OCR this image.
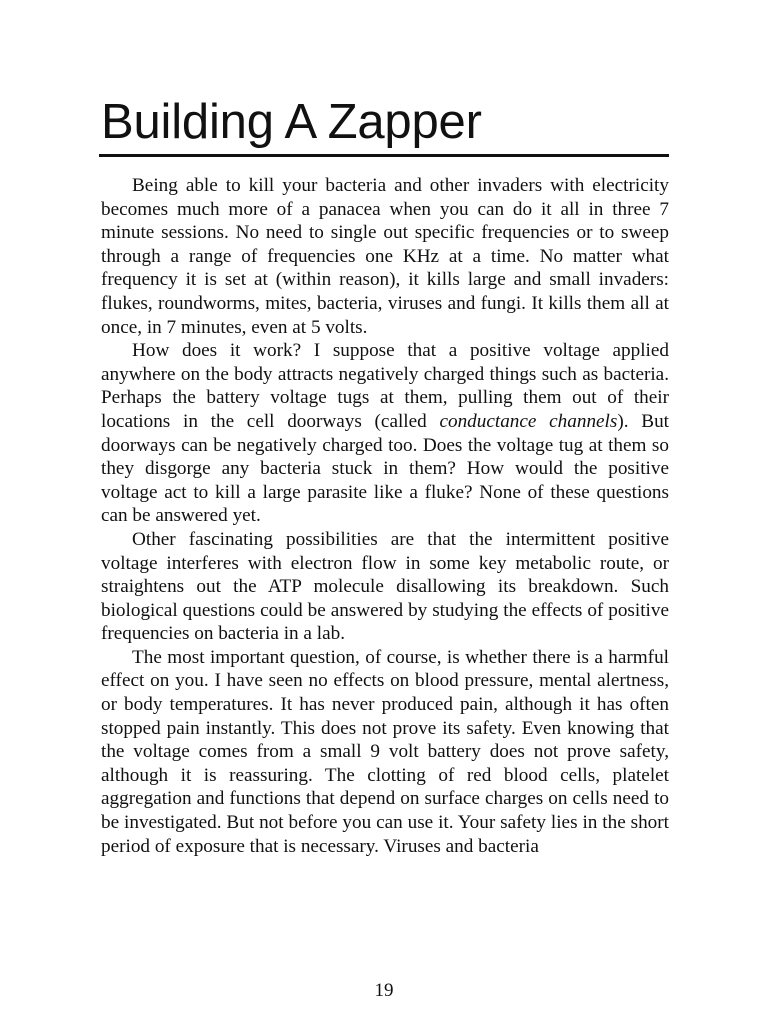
Building A Zapper

Being able to kill your bacteria and other invaders with electricity becomes much more of a panacea when you can do it all in three 7 minute sessions. No need to single out specific frequencies or to sweep through a range of frequencies one KHz at a time. No matter what frequency it is set at (within reason), it kills large and small invaders: flukes, roundworms, mites, bacteria, viruses and fungi. It kills them all at once, in 7 minutes, even at 5 volts.

How does it work? I suppose that a positive voltage applied anywhere on the body attracts negatively charged things such as bacteria. Perhaps the battery voltage tugs at them, pulling them out of their locations in the cell doorways (called conductance channels). But doorways can be negatively charged too. Does the voltage tug at them so they disgorge any bacteria stuck in them? How would the positive voltage act to kill a large parasite like a fluke? None of these questions can be answered yet.

Other fascinating possibilities are that the intermittent positive voltage interferes with electron flow in some key metabolic route, or straightens out the ATP molecule disallowing its breakdown. Such biological questions could be answered by studying the effects of positive frequencies on bacteria in a lab.

The most important question, of course, is whether there is a harmful effect on you. I have seen no effects on blood pressure, mental alertness, or body temperatures. It has never produced pain, although it has often stopped pain instantly. This does not prove its safety. Even knowing that the voltage comes from a small 9 volt battery does not prove safety, although it is reassuring. The clotting of red blood cells, platelet aggregation and functions that depend on surface charges on cells need to be investigated. But not before you can use it. Your safety lies in the short period of exposure that is necessary. Viruses and bacteria

19
